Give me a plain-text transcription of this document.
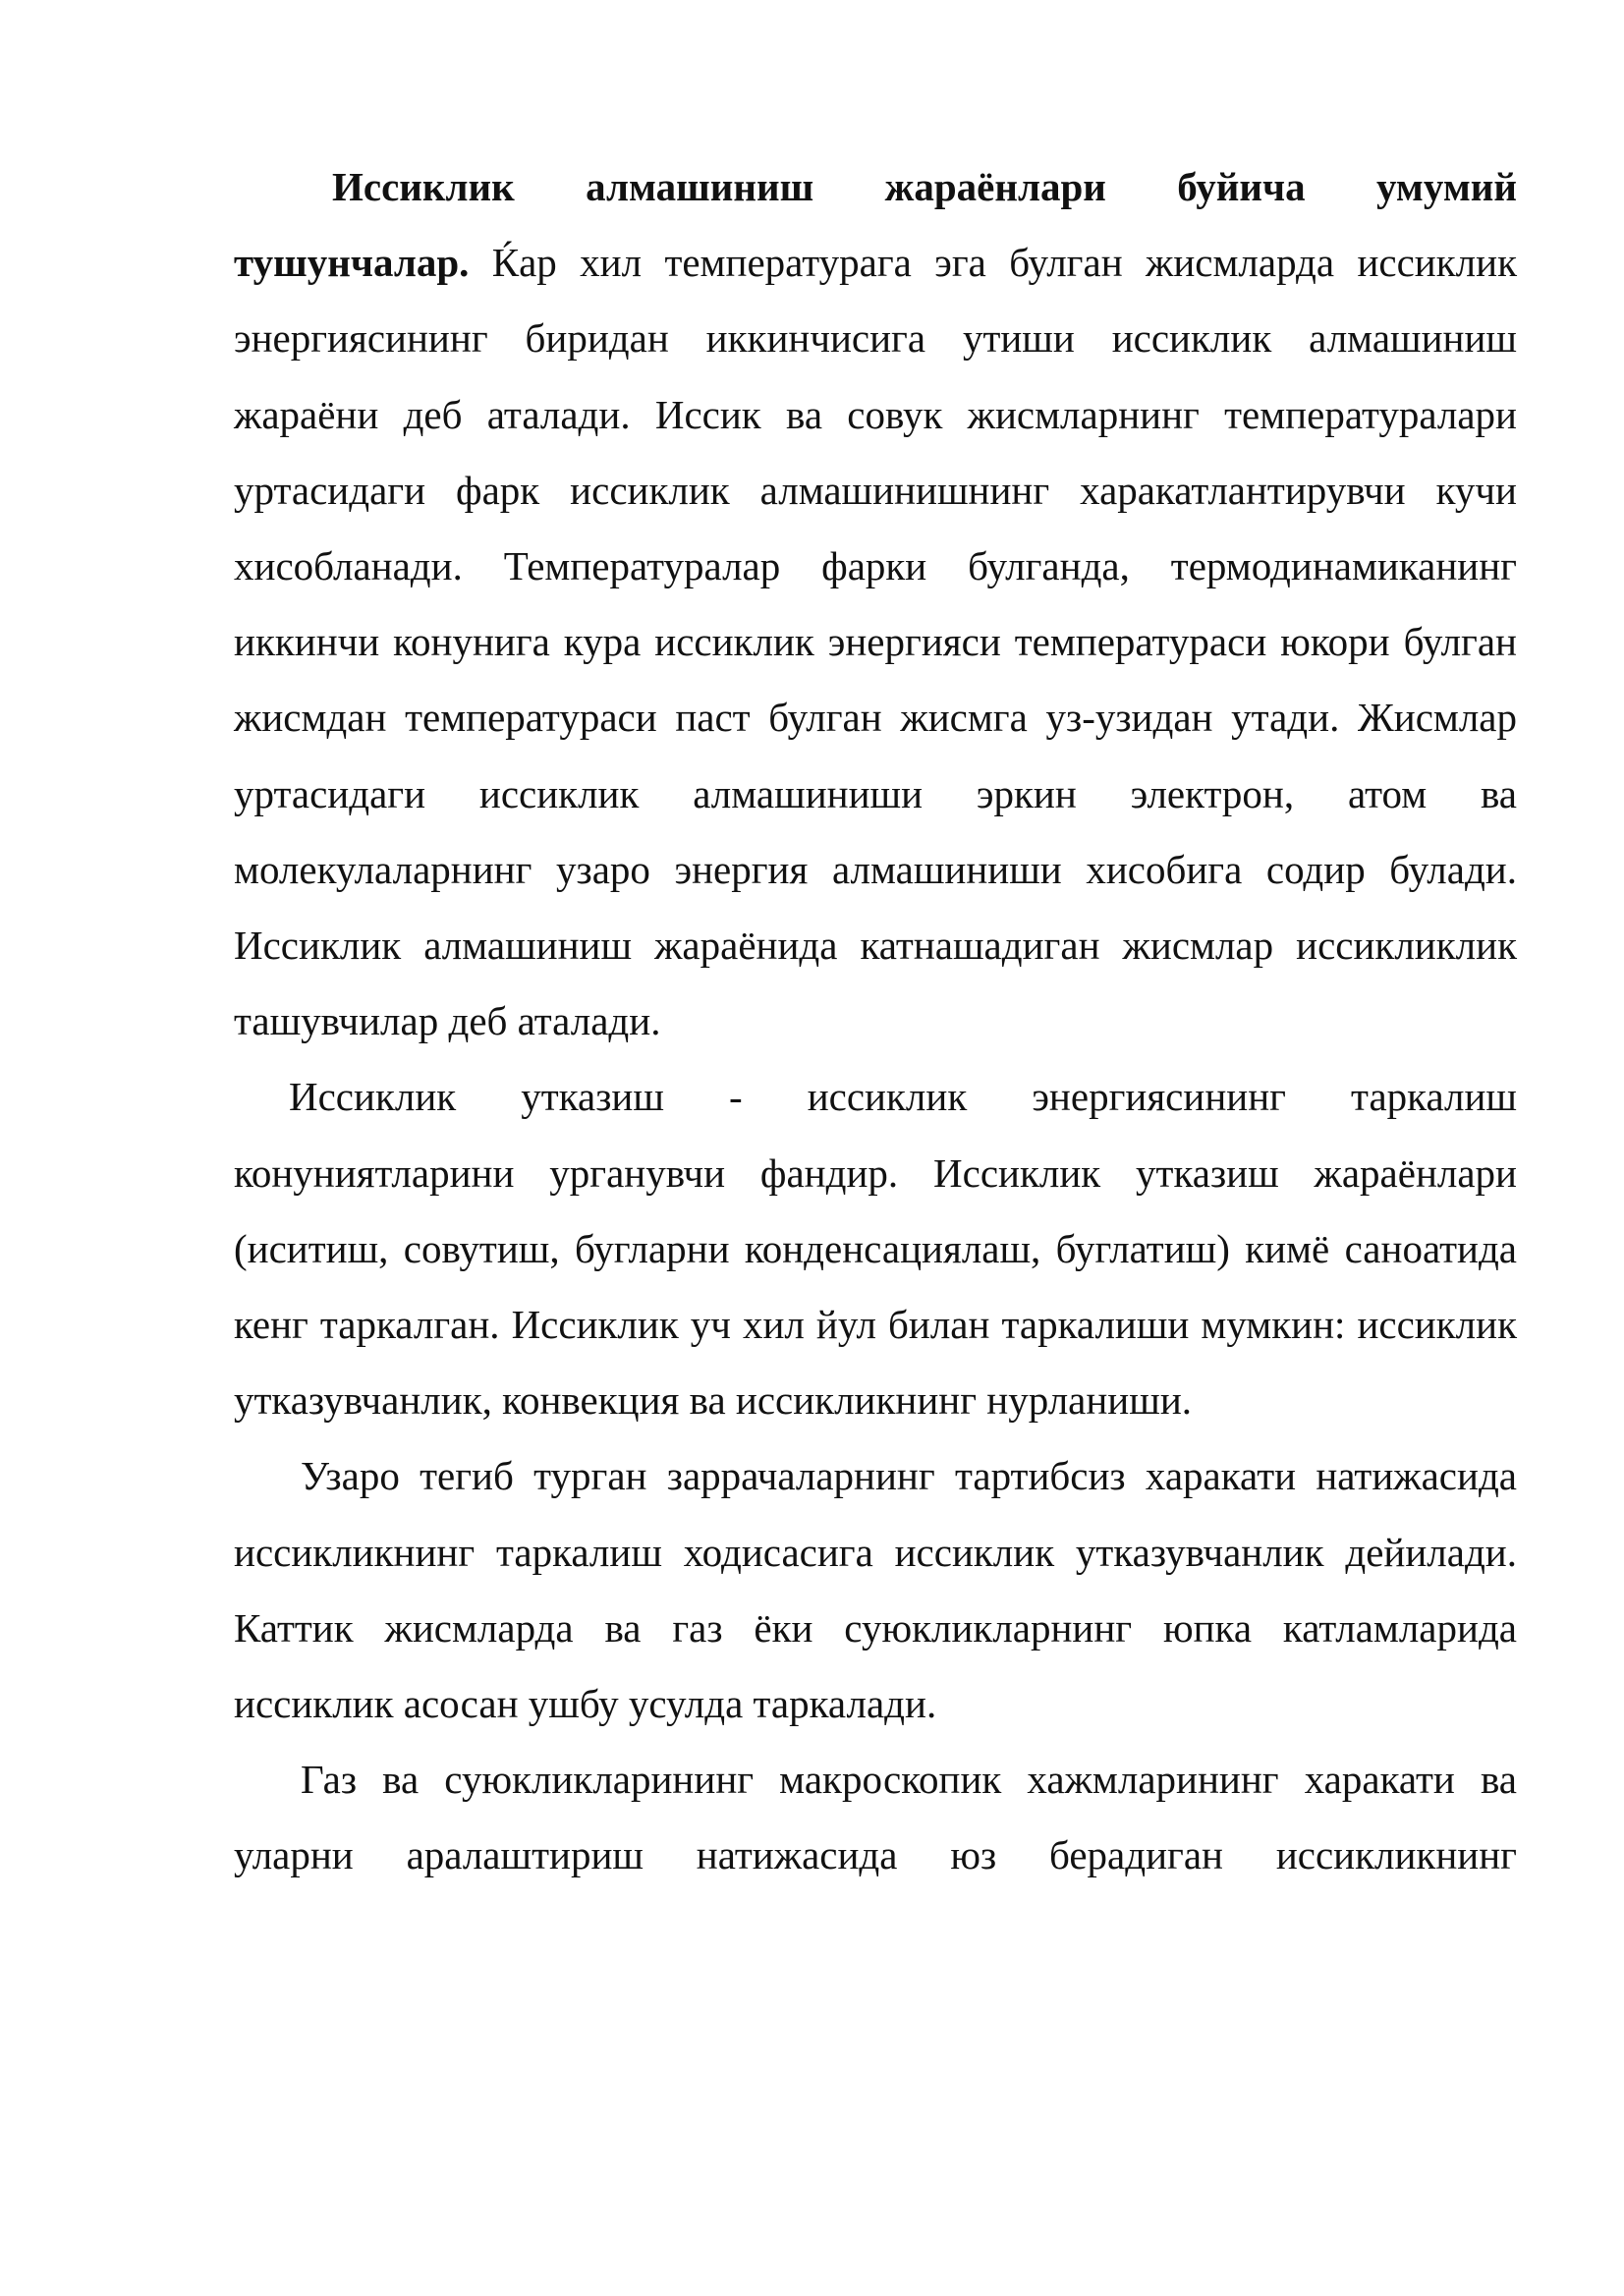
Иссиклик алмашиниш жараёнлари буйича умумий тушунчалар. Ќар хил температурага эга булган жисмларда иссиклик энергиясининг биридан иккинчисига утиши иссиклик алмашиниш жараёни деб аталади. Иссик ва совук жисмларнинг температуралари уртасидаги фарк иссиклик алмашинишнинг харакатлантирувчи кучи хисобланади. Температуралар фарки булганда, термодинамиканинг иккинчи конунига кура иссиклик энергияси температураси юкори булган жисмдан температураси паст булган жисмга уз-узидан утади. Жисмлар уртасидаги иссиклик алмашиниши эркин электрон, атом ва молекулаларнинг узаро энергия алмашиниши хисобига содир булади. Иссиклик алмашиниш жараёнида катнашадиган жисмлар иссикликлик ташувчилар деб аталади.

Иссиклик утказиш - иссиклик энергиясининг таркалиш конуниятларини урганувчи фандир. Иссиклик утказиш жараёнлари (иситиш, совутиш, бугларни конденсациялаш, буглатиш) кимё саноатида кенг таркалган. Иссиклик уч хил йул билан таркалиши мумкин: иссиклик утказувчанлик, конвекция ва иссикликнинг нурланиши.

Узаро тегиб турган заррачаларнинг тартибсиз харакати натижасида иссикликнинг таркалиш ходисасига иссиклик утказувчанлик дейилади. Каттик жисмларда ва газ ёки суюкликларнинг юпка катламларида иссиклик асосан ушбу усулда таркалади.

Газ ва суюкликларининг макроскопик хажмларининг харакати ва уларни аралаштириш натижасида юз берадиган иссикликнинг
